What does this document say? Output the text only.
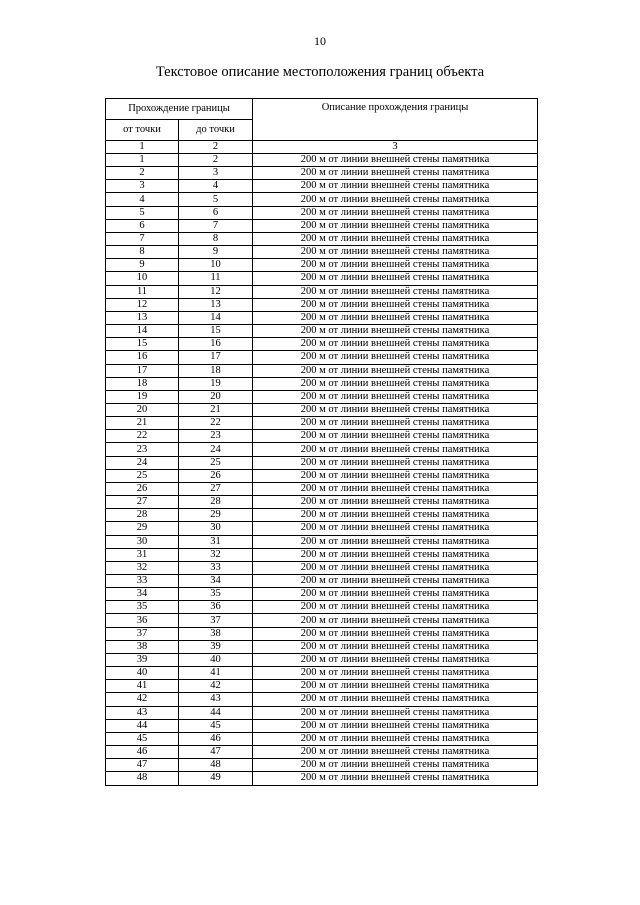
10
Текстовое описание местоположения границ объекта
Прохождение границы		Описание прохождения границы
от точки	до точки	
1	2	3
1	2	200 м от линии внешней стены памятника
2	3	200 м от линии внешней стены памятника
3	4	200 м от линии внешней стены памятника
4	5	200 м от линии внешней стены памятника
5	6	200 м от линии внешней стены памятника
6	7	200 м от линии внешней стены памятника
7	8	200 м от линии внешней стены памятника
8	9	200 м от линии внешней стены памятника
9	10	200 м от линии внешней стены памятника
10	11	200 м от линии внешней стены памятника
11	12	200 м от линии внешней стены памятника
12	13	200 м от линии внешней стены памятника
13	14	200 м от линии внешней стены памятника
14	15	200 м от линии внешней стены памятника
15	16	200 м от линии внешней стены памятника
16	17	200 м от линии внешней стены памятника
17	18	200 м от линии внешней стены памятника
18	19	200 м от линии внешней стены памятника
19	20	200 м от линии внешней стены памятника
20	21	200 м от линии внешней стены памятника
21	22	200 м от линии внешней стены памятника
22	23	200 м от линии внешней стены памятника
23	24	200 м от линии внешней стены памятника
24	25	200 м от линии внешней стены памятника
25	26	200 м от линии внешней стены памятника
26	27	200 м от линии внешней стены памятника
27	28	200 м от линии внешней стены памятника
28	29	200 м от линии внешней стены памятника
29	30	200 м от линии внешней стены памятника
30	31	200 м от линии внешней стены памятника
31	32	200 м от линии внешней стены памятника
32	33	200 м от линии внешней стены памятника
33	34	200 м от линии внешней стены памятника
34	35	200 м от линии внешней стены памятника
35	36	200 м от линии внешней стены памятника
36	37	200 м от линии внешней стены памятника
37	38	200 м от линии внешней стены памятника
38	39	200 м от линии внешней стены памятника
39	40	200 м от линии внешней стены памятника
40	41	200 м от линии внешней стены памятника
41	42	200 м от линии внешней стены памятника
42	43	200 м от линии внешней стены памятника
43	44	200 м от линии внешней стены памятника
44	45	200 м от линии внешней стены памятника
45	46	200 м от линии внешней стены памятника
46	47	200 м от линии внешней стены памятника
47	48	200 м от линии внешней стены памятника
48	49	200 м от линии внешней стены памятника
